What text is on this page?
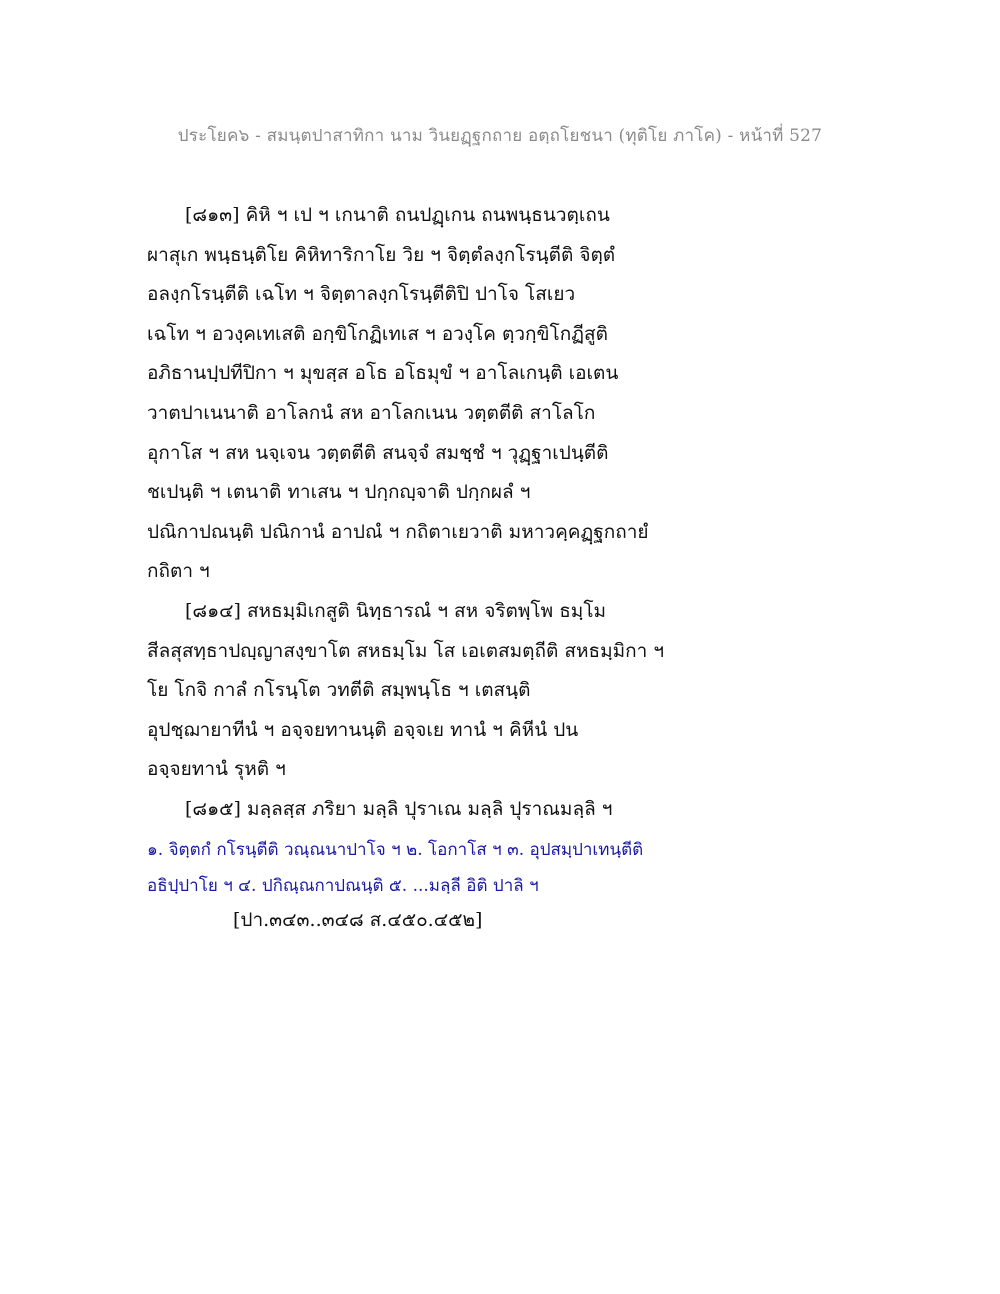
ประโยค๖ - สมนฺตปาสาทิกา นาม วินยฏฺฐกถาย อตฺถโยชนา (ทุติโย ภาโค) - หน้าที่ 527
[๘๑๓] คิหิ ฯ เป ฯ เกนาติ ถนปฏฺเกน ถนพนฺธนวตฺเถน
ผาสุเก พนฺธนฺติโย คิหิทาริกาโย วิย ฯ จิตฺตํลงฺกโรนฺตีติ จิตฺตํ
อลงฺกโรนฺตีติ เฉโท ฯ จิตฺตาลงฺกโรนฺตีติปิ ปาโจ โสเยว
เฉโท ฯ อวงฺคเทเสติ อกฺขิโกฏิเทเส ฯ อวงฺโค ตฺวกฺขิโกฏีสูติ
อภิธานปฺปทีปิกา ฯ มุขสฺส อโธ อโธมุขํ ฯ อาโลเกนฺติ เอเตน
วาตปาเนนาติ อาโลกนํ สห อาโลกเนน วตฺตตีติ สาโลโก
อุกาโส ฯ สห นจฺเจน วตฺตตีติ สนจฺจํ สมชฺชํ ฯ วุฏฺฐาเปนฺตีติ
ชเปนฺติ ฯ เตนาติ ทาเสน ฯ ปกฺกญฺจาติ ปกฺกผลํ ฯ
ปณิกาปณนฺติ ปณิกานํ อาปณํ ฯ กถิตาเยวาติ มหาวคฺคฏฺฐกถายํ
กถิตา ฯ
[๘๑๔] สหธมฺมิเกสูติ นิทฺธารณํ ฯ สห จริตพฺโพ ธมฺโม
สีลสุสทฺธาปญฺญาสงฺขาโต สหธมฺโม โส เอเตสมตฺถีติ สหธมฺมิกา ฯ
โย โกจิ กาลํ กโรนฺโต วทตีติ สมฺพนฺโธ ฯ เตสนฺติ
อุปชฺฌายาทีนํ ฯ อจฺจยทานนฺติ อจฺจเย ทานํ ฯ คิหีนํ ปน
อจฺจยทานํ รุหติ ฯ
[๘๑๕] มลฺลสฺส ภริยา มลฺลิ ปุราเณ มลฺลิ ปุราณมลฺลิ ฯ
๑. จิตฺตกํ กโรนฺตีติ วณฺณนาปาโจ ฯ ๒. โอกาโส ฯ ๓. อุปสมฺปาเทนฺตีติ
อธิปฺปาโย ฯ ๔. ปกิณฺณกาปณนฺติ ๕. ...มลฺลี อิติ ปาลิ ฯ
[ปา.๓๔๓..๓๔๘ ส.๔๕๐.๔๕๒]
